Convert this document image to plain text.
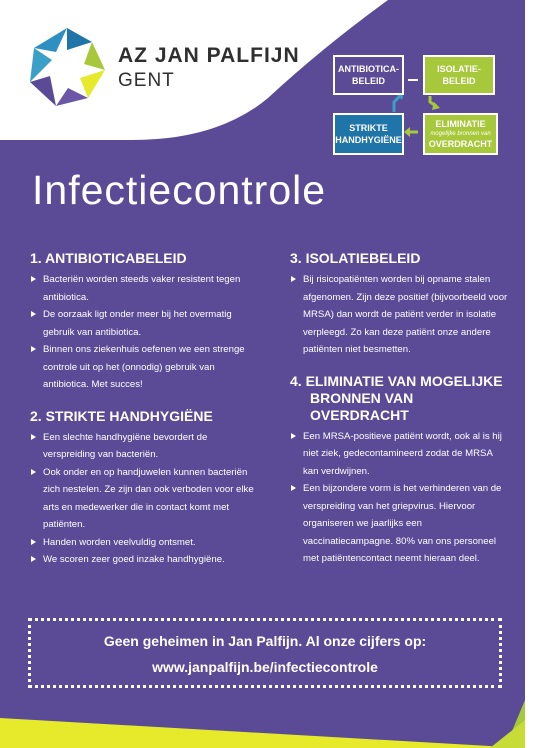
AZ JAN PALFIJN
GENT
ANTIBIOTICA-
BELEID
ISOLATIE-
BELEID
STRIKTE
HANDHYGIËNE
ELIMINATIE
mogelijke bronnen van
OVERDRACHT
Infectiecontrole
1. ANTIBIOTICABELEID
Bacteriën worden steeds vaker resistent tegen antibiotica.
De oorzaak ligt onder meer bij het overmatig gebruik van antibiotica.
Binnen ons ziekenhuis oefenen we een strenge controle uit op het (onnodig) gebruik van antibiotica. Met succes!
2. STRIKTE HANDHYGIËNE
Een slechte handhygiëne bevordert de verspreiding van bacteriën.
Ook onder en op handjuwelen kunnen bacteriën zich nestelen. Ze zijn dan ook verboden voor elke arts en medewerker die in contact komt met patiënten.
Handen worden veelvuldig ontsmet.
We scoren zeer goed inzake handhygiëne.
3. ISOLATIEBELEID
Bij risicopatiënten worden bij opname stalen afgenomen. Zijn deze positief (bijvoorbeeld voor MRSA) dan wordt de patiënt verder in isolatie verpleegd. Zo kan deze patiënt onze andere patiënten niet besmetten.
4. ELIMINATIE VAN MOGELIJKE
BRONNEN VAN OVERDRACHT
Een MRSA-positieve patiënt wordt, ook al is hij niet ziek, gedecontamineerd zodat de MRSA kan verdwijnen.
Een bijzondere vorm is het verhinderen van de verspreiding van het griepvirus. Hiervoor organiseren we jaarlijks een vaccinatiecampagne. 80% van ons personeel met patiëntencontact neemt hieraan deel.
Geen geheimen in Jan Palfijn. Al onze cijfers op:
www.janpalfijn.be/infectiecontrole
